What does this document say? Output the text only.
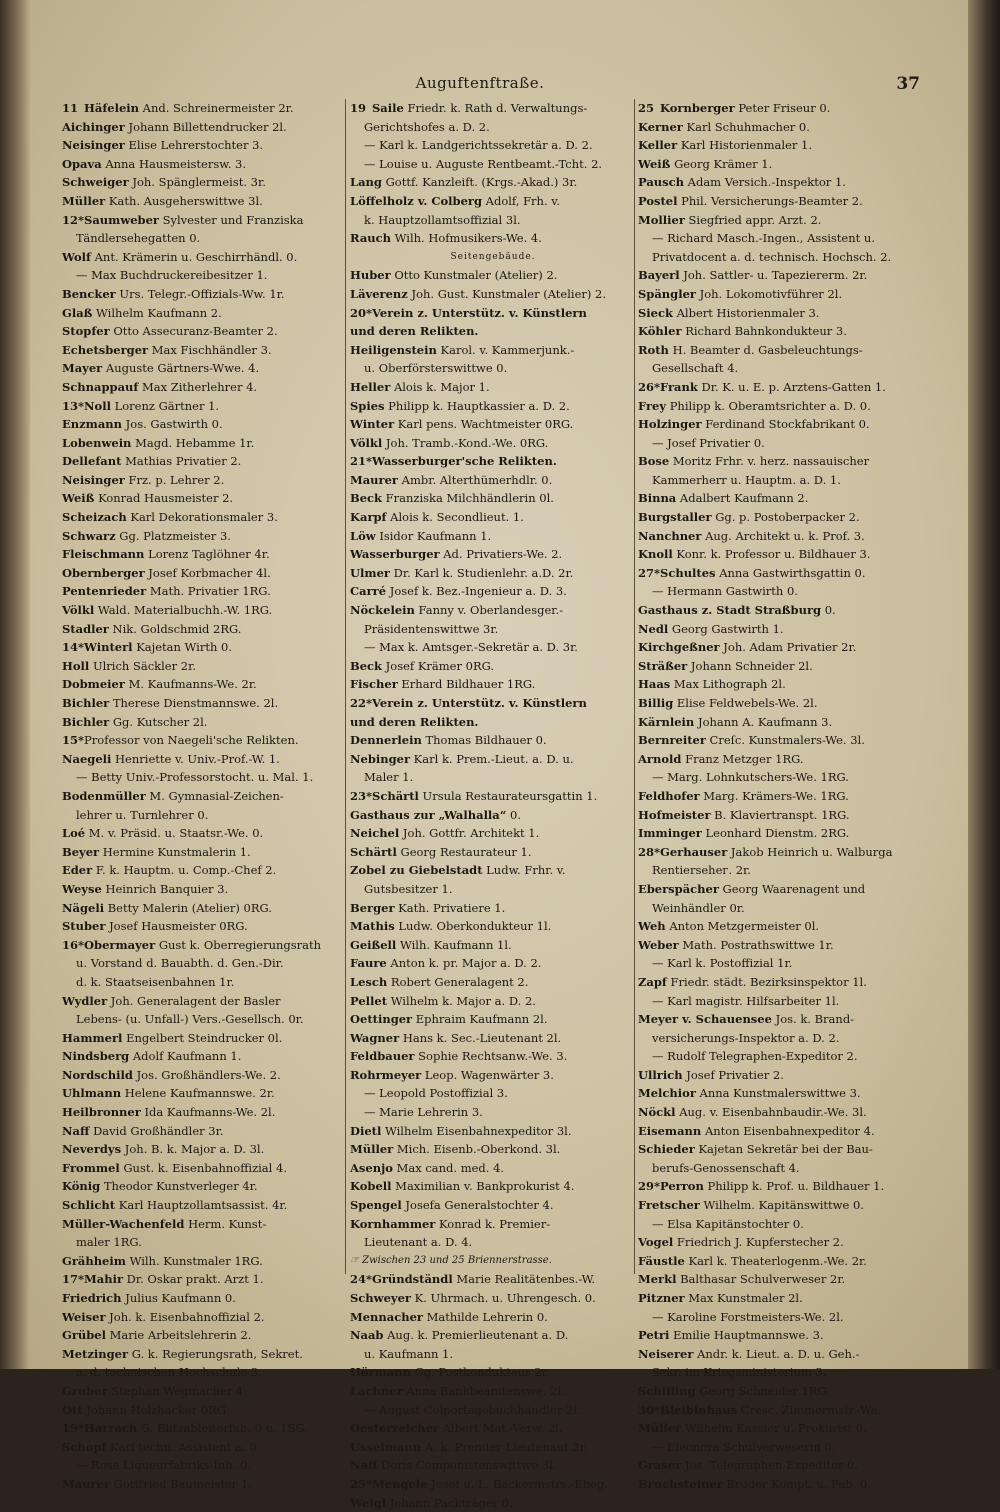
Auguftenftraße.	37
11 Häfelein And. Schreinermeister 2r.
Aichinger Johann Billettendrucker 2l.
Neisinger Elise Lehrerstochter 3.
Opava Anna Hausmeistersw. 3.
Schweiger Joh. Spänglermeist. 3r.
Müller Kath. Ausgeherswittwe 3l.
12*Saumweber Sylvester und Franziska
Tändlersehegatten 0.
Wolf Ant. Krämerin u. Geschirrhändl. 0.
— Max Buchdruckereibesitzer 1.
Bencker Urs. Telegr.-Offizials-Ww. 1r.
Glaß Wilhelm Kaufmann 2.
Stopfer Otto Assecuranz-Beamter 2.
Echetsberger Max Fischhändler 3.
Mayer Auguste Gärtners-Wwe. 4.
Schnappauf Max Zitherlehrer 4.
13*Noll Lorenz Gärtner 1.
Enzmann Jos. Gastwirth 0.
Lobenwein Magd. Hebamme 1r.
Dellefant Mathias Privatier 2.
Neisinger Frz. p. Lehrer 2.
Weiß Konrad Hausmeister 2.
Scheizach Karl Dekorationsmaler 3.
Schwarz Gg. Platzmeister 3.
Fleischmann Lorenz Taglöhner 4r.
Obernberger Josef Korbmacher 4l.
Pentenrieder Math. Privatier 1RG.
Völkl Wald. Materialbuchh.-W. 1RG.
Stadler Nik. Goldschmid 2RG.
14*Winterl Kajetan Wirth 0.
Holl Ulrich Säckler 2r.
Dobmeier M. Kaufmanns-We. 2r.
Bichler Therese Dienstmannswe. 2l.
Bichler Gg. Kutscher 2l.
15*Professor von Naegeli'sche Relikten.
Naegeli Henriette v. Univ.-Prof.-W. 1.
— Betty Univ.-Professorstocht. u. Mal. 1.
Bodenmüller M. Gymnasial-Zeichen-
lehrer u. Turnlehrer 0.
Loé M. v. Präsid. u. Staatsr.-We. 0.
Beyer Hermine Kunstmalerin 1.
Eder F. k. Hauptm. u. Comp.-Chef 2.
Weyse Heinrich Banquier 3.
Nägeli Betty Malerin (Atelier) 0RG.
Stuber Josef Hausmeister 0RG.
16*Obermayer Gust k. Oberregierungsrath
u. Vorstand d. Bauabth. d. Gen.-Dir.
d. k. Staatseisenbahnen 1r.
Wydler Joh. Generalagent der Basler
Lebens- (u. Unfall-) Vers.-Gesellsch. 0r.
Hammerl Engelbert Steindrucker 0l.
Nindsberg Adolf Kaufmann 1.
Nordschild Jos. Großhändlers-We. 2.
Uhlmann Helene Kaufmannswe. 2r.
Heilbronner Ida Kaufmanns-We. 2l.
Naff David Großhändler 3r.
Neverdys Joh. B. k. Major a. D. 3l.
Frommel Gust. k. Eisenbahnoffizial 4.
König Theodor Kunstverleger 4r.
Schlicht Karl Hauptzollamtsassist. 4r.
Müller-Wachenfeld Herm. Kunst-
maler 1RG.
Grähheim Wilh. Kunstmaler 1RG.
17*Mahir Dr. Oskar prakt. Arzt 1.
Friedrich Julius Kaufmann 0.
Weiser Joh. k. Eisenbahnoffizial 2.
Grübel Marie Arbeitslehrerin 2.
Metzinger G. k. Regierungsrath, Sekret.
a. d. technischen Hochschule 3.
Gruber Stephan Wegmacher 4.
Ott Johann Holzhacker 0RG.
19*Harrach G. Blitzableiterfab. 0 u. 1SG.
Schopf Karl techn. Assistent a. 0.
— Rosa Liqueurfabriks-Inh. 0.
Maurer Gottfried Baumeister 1.
19 Saile Friedr. k. Rath d. Verwaltungs-
Gerichtshofes a. D. 2.
— Karl k. Landgerichtssekretär a. D. 2.
— Louise u. Auguste Rentbeamt.-Tcht. 2.
Lang Gottf. Kanzleift. (Krgs.-Akad.) 3r.
Löffelholz v. Colberg Adolf, Frh. v.
k. Hauptzollamtsoffizial 3l.
Rauch Wilh. Hofmusikers-We. 4.
Seitengebäude.
Huber Otto Kunstmaler (Atelier) 2.
Läverenz Joh. Gust. Kunstmaler (Atelier) 2.
20*Verein z. Unterstütz. v. Künstlern
und deren Relikten.
Heiligenstein Karol. v. Kammerjunk.-
u. Oberförsterswittwe 0.
Heller Alois k. Major 1.
Spies Philipp k. Hauptkassier a. D. 2.
Winter Karl pens. Wachtmeister 0RG.
Völkl Joh. Tramb.-Kond.-We. 0RG.
21*Wasserburger'sche Relikten.
Maurer Ambr. Alterthümerhdlr. 0.
Beck Franziska Milchhändlerin 0l.
Karpf Alois k. Secondlieut. 1.
Löw Isidor Kaufmann 1.
Wasserburger Ad. Privatiers-We. 2.
Ulmer Dr. Karl k. Studienlehr. a.D. 2r.
Carré Josef k. Bez.-Ingenieur a. D. 3.
Nöckelein Fanny v. Oberlandesger.-
Präsidentenswittwe 3r.
— Max k. Amtsger.-Sekretär a. D. 3r.
Beck Josef Krämer 0RG.
Fischer Erhard Bildhauer 1RG.
22*Verein z. Unterstütz. v. Künstlern
und deren Relikten.
Dennerlein Thomas Bildhauer 0.
Nebinger Karl k. Prem.-Lieut. a. D. u.
Maler 1.
23*Schärtl Ursula Restaurateursgattin 1.
Gasthaus zur „Walhalla“ 0.
Neichel Joh. Gottfr. Architekt 1.
Schärtl Georg Restaurateur 1.
Zobel zu Giebelstadt Ludw. Frhr. v.
Gutsbesitzer 1.
Berger Kath. Privatiere 1.
Mathis Ludw. Oberkondukteur 1l.
Geißell Wilh. Kaufmann 1l.
Faure Anton k. pr. Major a. D. 2.
Lesch Robert Generalagent 2.
Pellet Wilhelm k. Major a. D. 2.
Oettinger Ephraim Kaufmann 2l.
Wagner Hans k. Sec.-Lieutenant 2l.
Feldbauer Sophie Rechtsanw.-We. 3.
Rohrmeyer Leop. Wagenwärter 3.
— Leopold Postoffizial 3.
— Marie Lehrerin 3.
Dietl Wilhelm Eisenbahnexpeditor 3l.
Müller Mich. Eisenb.-Oberkond. 3l.
Asenjo Max cand. med. 4.
Kobell Maximilian v. Bankprokurist 4.
Spengel Josefa Generalstochter 4.
Kornhammer Konrad k. Premier-
Lieutenant a. D. 4.
☞ Zwischen 23 und 25 Briennerstrasse.
24*Gründständl Marie Realitätenbes.-W.
Schweyer K. Uhrmach. u. Uhrengesch. 0.
Mennacher Mathilde Lehrerin 0.
Naab Aug. k. Premierlieutenant a. D.
u. Kaufmann 1.
Hörmann Gg. Postkondukteur 2r.
Lachner Anna Bankbeamtenswe. 2l.
— August Colportagebuchhändler 2l.
Oesterreicher Albert Mat.-Verw. 2l.
Usselmann A. k. Premier-Lieutenant 3r.
Naff Doris Componistenswittwe 3l.
25*Mengele Josef u. L. Bäckermstrs.-Eheg.
Weigl Johann Packträger 0.
25 Kornberger Peter Friseur 0.
Kerner Karl Schuhmacher 0.
Keller Karl Historienmaler 1.
Weiß Georg Krämer 1.
Pausch Adam Versich.-Inspektor 1.
Postel Phil. Versicherungs-Beamter 2.
Mollier Siegfried appr. Arzt. 2.
— Richard Masch.-Ingen., Assistent u.
Privatdocent a. d. technisch. Hochsch. 2.
Bayerl Joh. Sattler- u. Tapeziererm. 2r.
Spängler Joh. Lokomotivführer 2l.
Sieck Albert Historienmaler 3.
Köhler Richard Bahnkondukteur 3.
Roth H. Beamter d. Gasbeleuchtungs-
Gesellschaft 4.
26*Frank Dr. K. u. E. p. Arztens-Gatten 1.
Frey Philipp k. Oberamtsrichter a. D. 0.
Holzinger Ferdinand Stockfabrikant 0.
— Josef Privatier 0.
Bose Moritz Frhr. v. herz. nassauischer
Kammerherr u. Hauptm. a. D. 1.
Binna Adalbert Kaufmann 2.
Burgstaller Gg. p. Postoberpacker 2.
Nanchner Aug. Architekt u. k. Prof. 3.
Knoll Konr. k. Professor u. Bildhauer 3.
27*Schultes Anna Gastwirthsgattin 0.
— Hermann Gastwirth 0.
Gasthaus z. Stadt Straßburg 0.
Nedl Georg Gastwirth 1.
Kirchgeßner Joh. Adam Privatier 2r.
Sträßer Johann Schneider 2l.
Haas Max Lithograph 2l.
Billig Elise Feldwebels-We. 2l.
Kärnlein Johann A. Kaufmann 3.
Bernreiter Creſc. Kunstmalers-We. 3l.
Arnold Franz Metzger 1RG.
— Marg. Lohnkutschers-We. 1RG.
Feldhofer Marg. Krämers-We. 1RG.
Hofmeister B. Klaviertranspt. 1RG.
Imminger Leonhard Dienstm. 2RG.
28*Gerhauser Jakob Heinrich u. Walburga
Rentiersehег. 2r.
Eberspächer Georg Waarenagent und
Weinhändler 0r.
Weh Anton Metzgermeister 0l.
Weber Math. Postrathswittwe 1r.
— Karl k. Postoffizial 1r.
Zapf Friedr. städt. Bezirksinspektor 1l.
— Karl magistr. Hilfsarbeiter 1l.
Meyer v. Schauensee Jos. k. Brand-
versicherungs-Inspektor a. D. 2.
— Rudolf Telegraphen-Expeditor 2.
Ullrich Josef Privatier 2.
Melchior Anna Kunstmalerswittwe 3.
Nöckl Aug. v. Eisenbahnbaudir.-We. 3l.
Eisemann Anton Eisenbahnexpeditor 4.
Schieder Kajetan Sekretär bei der Bau-
berufs-Genossenschaft 4.
29*Perron Philipp k. Prof. u. Bildhauer 1.
Fretscher Wilhelm. Kapitänswittwe 0.
— Elsa Kapitänstochter 0.
Vogel Friedrich J. Kupferstecher 2.
Fäustle Karl k. Theaterlogenm.-We. 2r.
Merkl Balthasar Schulverweser 2r.
Pitzner Max Kunstmaler 2l.
— Karoline Forstmeisters-We. 2l.
Petri Emilie Hauptmannswe. 3.
Neiserer Andr. k. Lieut. a. D. u. Geh.-
Sekr. im Kriegsministerium 3.
Schilling Georg Schneider 1RG.
30*Bleibinhaus Cresc. Zimmermstr.-We.
Müller Wilhelm Kassier u. Prokurist 0.
— Eleonora Schulverweserin 0.
Graser Jos. Telegraphen-Expeditor 0.
Bruchsteiner Brüder Kompt. u. Fab. 0.
